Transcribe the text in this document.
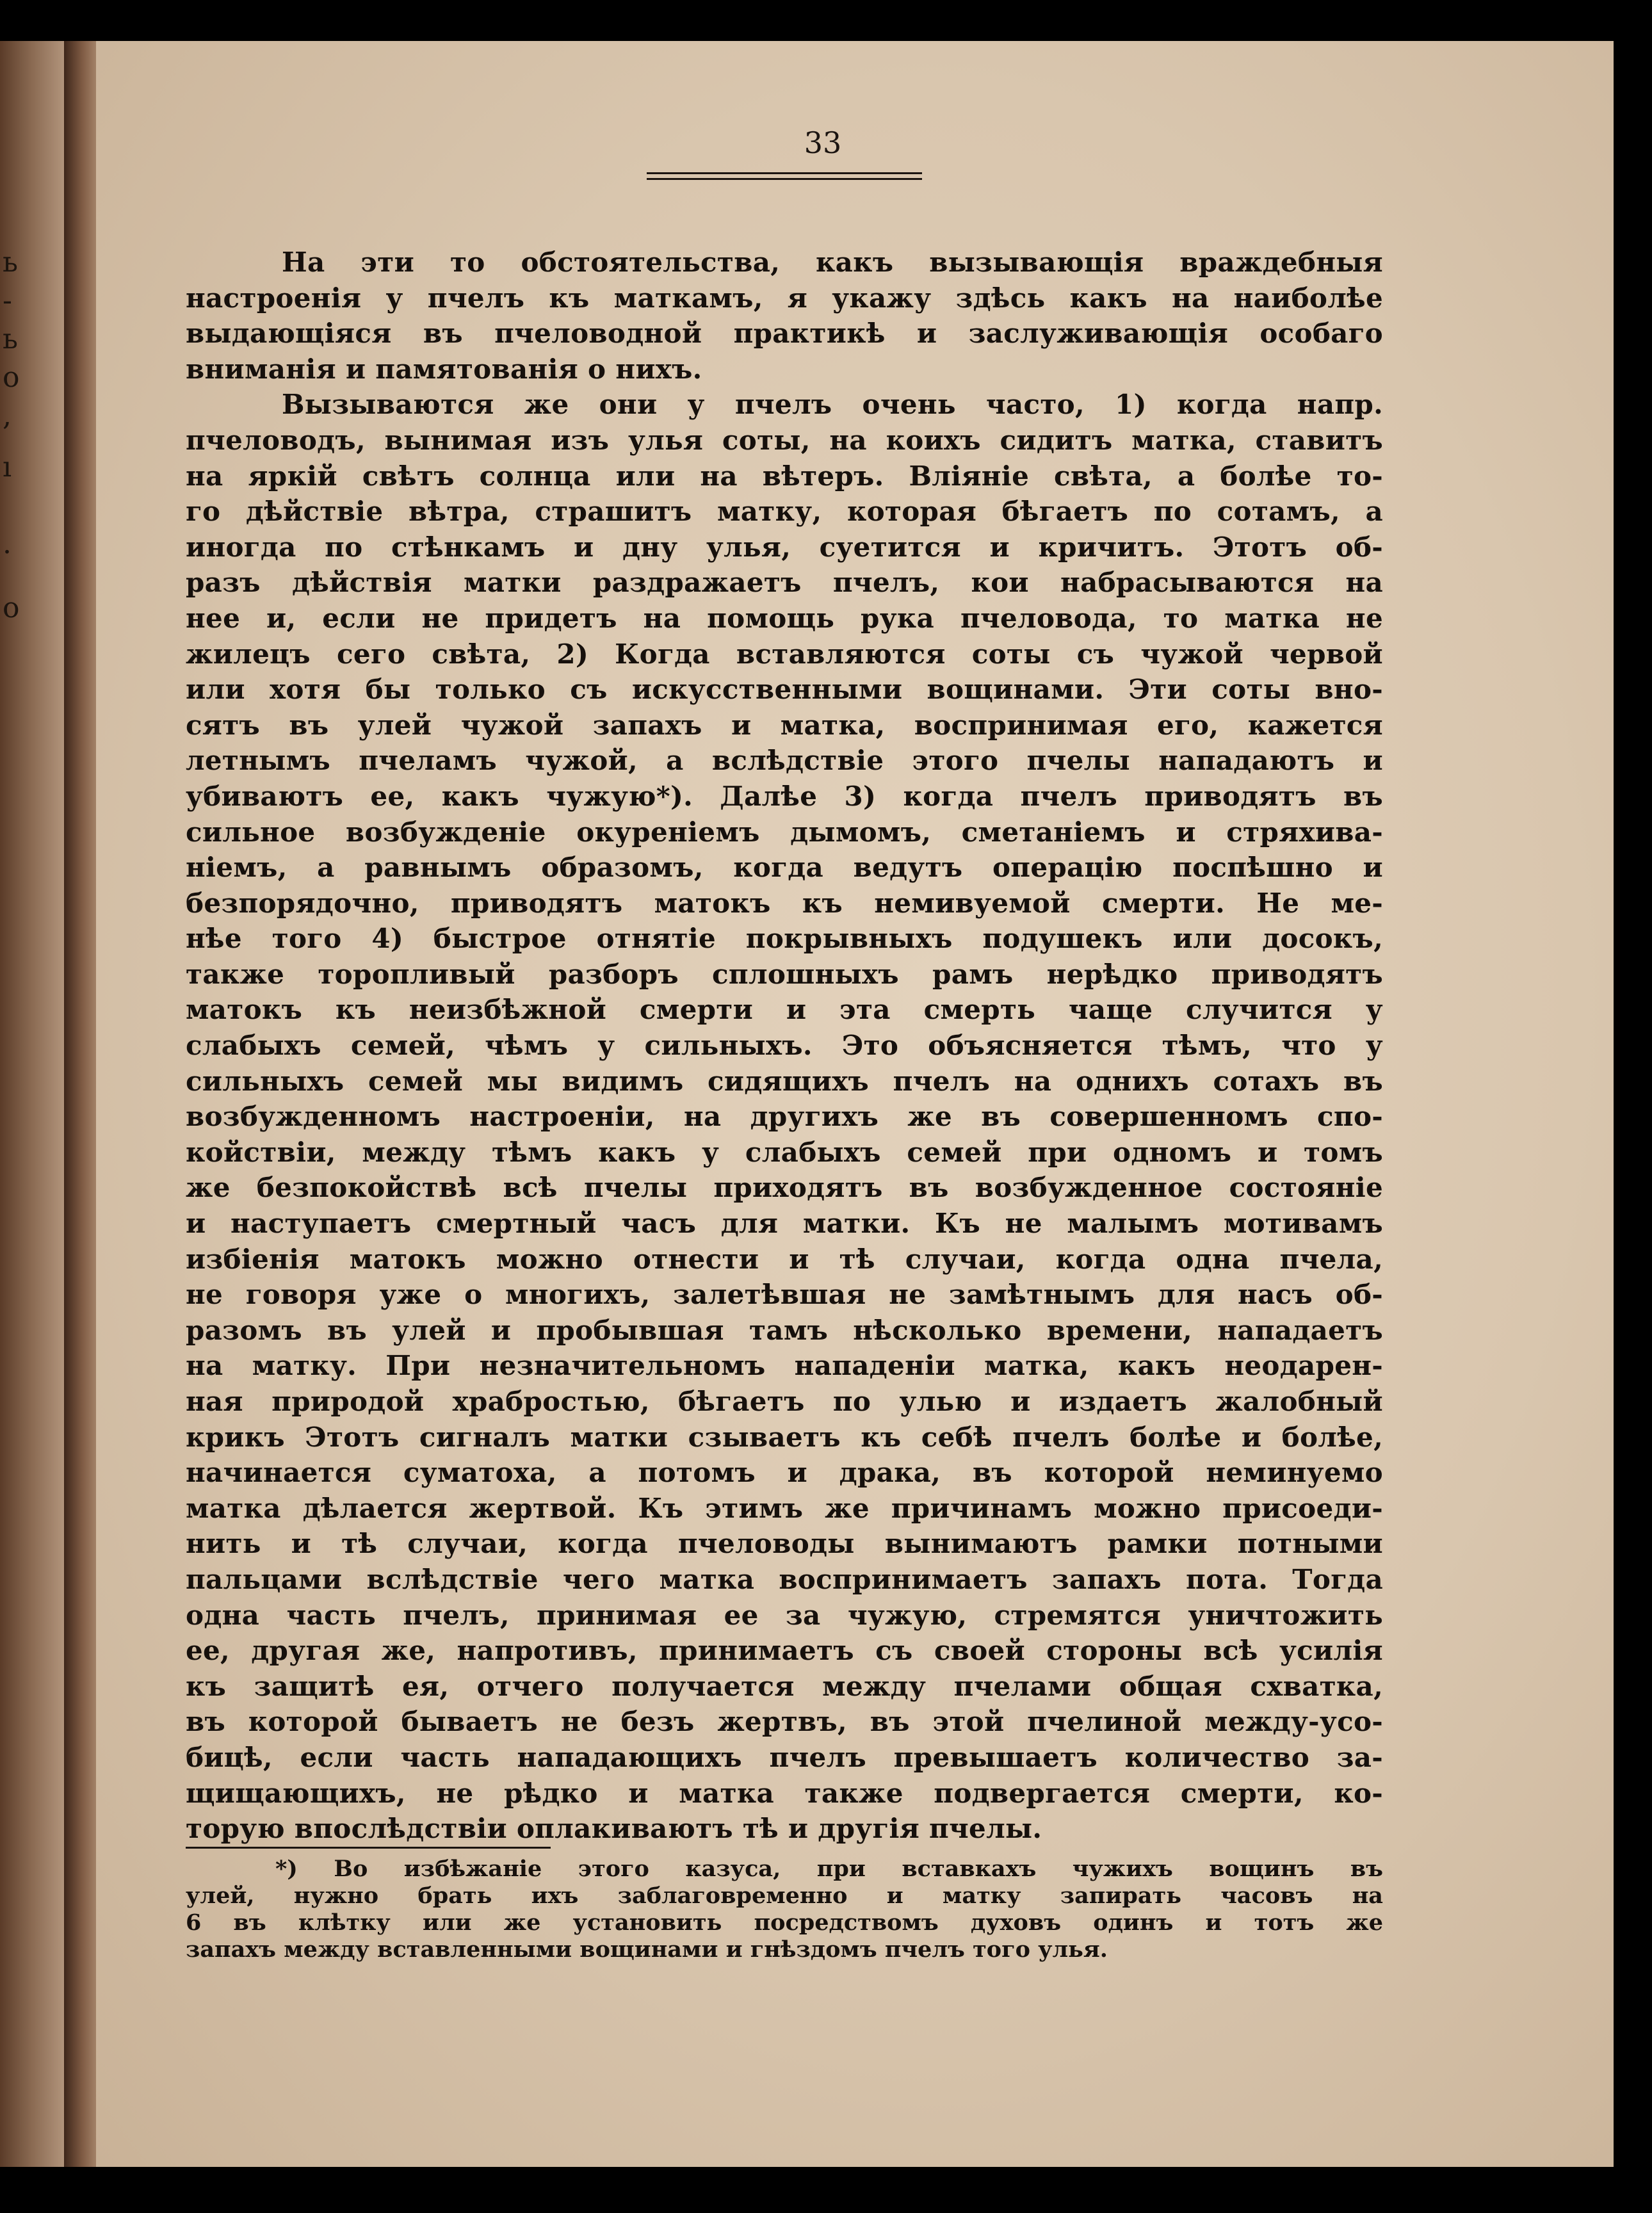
ь
-
ь
о
,
ı
.
о
33
На эти то обстоятельства, какъ вызывающія враждебныя
настроенія у пчелъ къ маткамъ, я укажу здѣсь какъ на наиболѣе
выдающіяся въ пчеловодной практикѣ и заслуживающія особаго
вниманія и памятованія о нихъ.
Вызываются же они у пчелъ очень часто, 1) когда напр.
пчеловодъ, вынимая изъ улья соты, на коихъ сидитъ матка, ставитъ
на яркій свѣтъ солнца или на вѣтеръ. Вліяніе свѣта, а болѣе то-
го дѣйствіе вѣтра, страшитъ матку, которая бѣгаетъ по сотамъ, а
иногда по стѣнкамъ и дну улья, суетится и кричитъ. Этотъ об-
разъ дѣйствія матки раздражаетъ пчелъ, кои набрасываются на
нее и, если не придетъ на помощь рука пчеловода, то матка не
жилецъ сего свѣта, 2) Когда вставляются соты съ чужой червой
или хотя бы только съ искусственными вощинами. Эти соты вно-
сятъ въ улей чужой запахъ и матка, воспринимая его, кажется
летнымъ пчеламъ чужой, а вслѣдствіе этого пчелы нападаютъ и
убиваютъ ее, какъ чужую*). Далѣе 3) когда пчелъ приводятъ въ
сильное возбужденіе окуреніемъ дымомъ, сметаніемъ и стряхива-
ніемъ, а равнымъ образомъ, когда ведутъ операцію поспѣшно и
безпорядочно, приводятъ матокъ къ немивуемой смерти. Не ме-
нѣе того 4) быстрое отнятіе покрывныхъ подушекъ или досокъ,
также торопливый разборъ сплошныхъ рамъ нерѣдко приводятъ
матокъ къ неизбѣжной смерти и эта смерть чаще случится у
слабыхъ семей, чѣмъ у сильныхъ. Это объясняется тѣмъ, что у
сильныхъ семей мы видимъ сидящихъ пчелъ на однихъ сотахъ въ
возбужденномъ настроеніи, на другихъ же въ совершенномъ спо-
койствіи, между тѣмъ какъ у слабыхъ семей при одномъ и томъ
же безпокойствѣ всѣ пчелы приходятъ въ возбужденное состояніе
и наступаетъ смертный часъ для матки. Къ не малымъ мотивамъ
избіенія матокъ можно отнести и тѣ случаи, когда одна пчела,
не говоря уже о многихъ, залетѣвшая не замѣтнымъ для насъ об-
разомъ въ улей и пробывшая тамъ нѣсколько времени, нападаетъ
на матку. При незначительномъ нападеніи матка, какъ неодарен-
ная природой храбростью, бѣгаетъ по улью и издаетъ жалобный
крикъ Этотъ сигналъ матки сзываетъ къ себѣ пчелъ болѣе и болѣе,
начинается суматоха, а потомъ и драка, въ которой неминуемо
матка дѣлается жертвой. Къ этимъ же причинамъ можно присоеди-
нить и тѣ случаи, когда пчеловоды вынимаютъ рамки потными
пальцами вслѣдствіе чего матка воспринимаетъ запахъ пота. Тогда
одна часть пчелъ, принимая ее за чужую, стремятся уничтожить
ее, другая же, напротивъ, принимаетъ съ своей стороны всѣ усилія
къ защитѣ ея, отчего получается между пчелами общая схватка,
въ которой бываетъ не безъ жертвъ, въ этой пчелиной между-усо-
бицѣ, если часть нападающихъ пчелъ превышаетъ количество за-
щищающихъ, не рѣдко и матка также подвергается смерти, ко-
торую впослѣдствіи оплакиваютъ тѣ и другія пчелы.
*) Во избѣжаніе этого казуса, при вставкахъ чужихъ вощинъ въ
улей, нужно брать ихъ заблаговременно и матку запирать часовъ на
6 въ клѣтку или же установить посредствомъ духовъ одинъ и тотъ же
запахъ между вставленными вощинами и гнѣздомъ пчелъ того улья.
